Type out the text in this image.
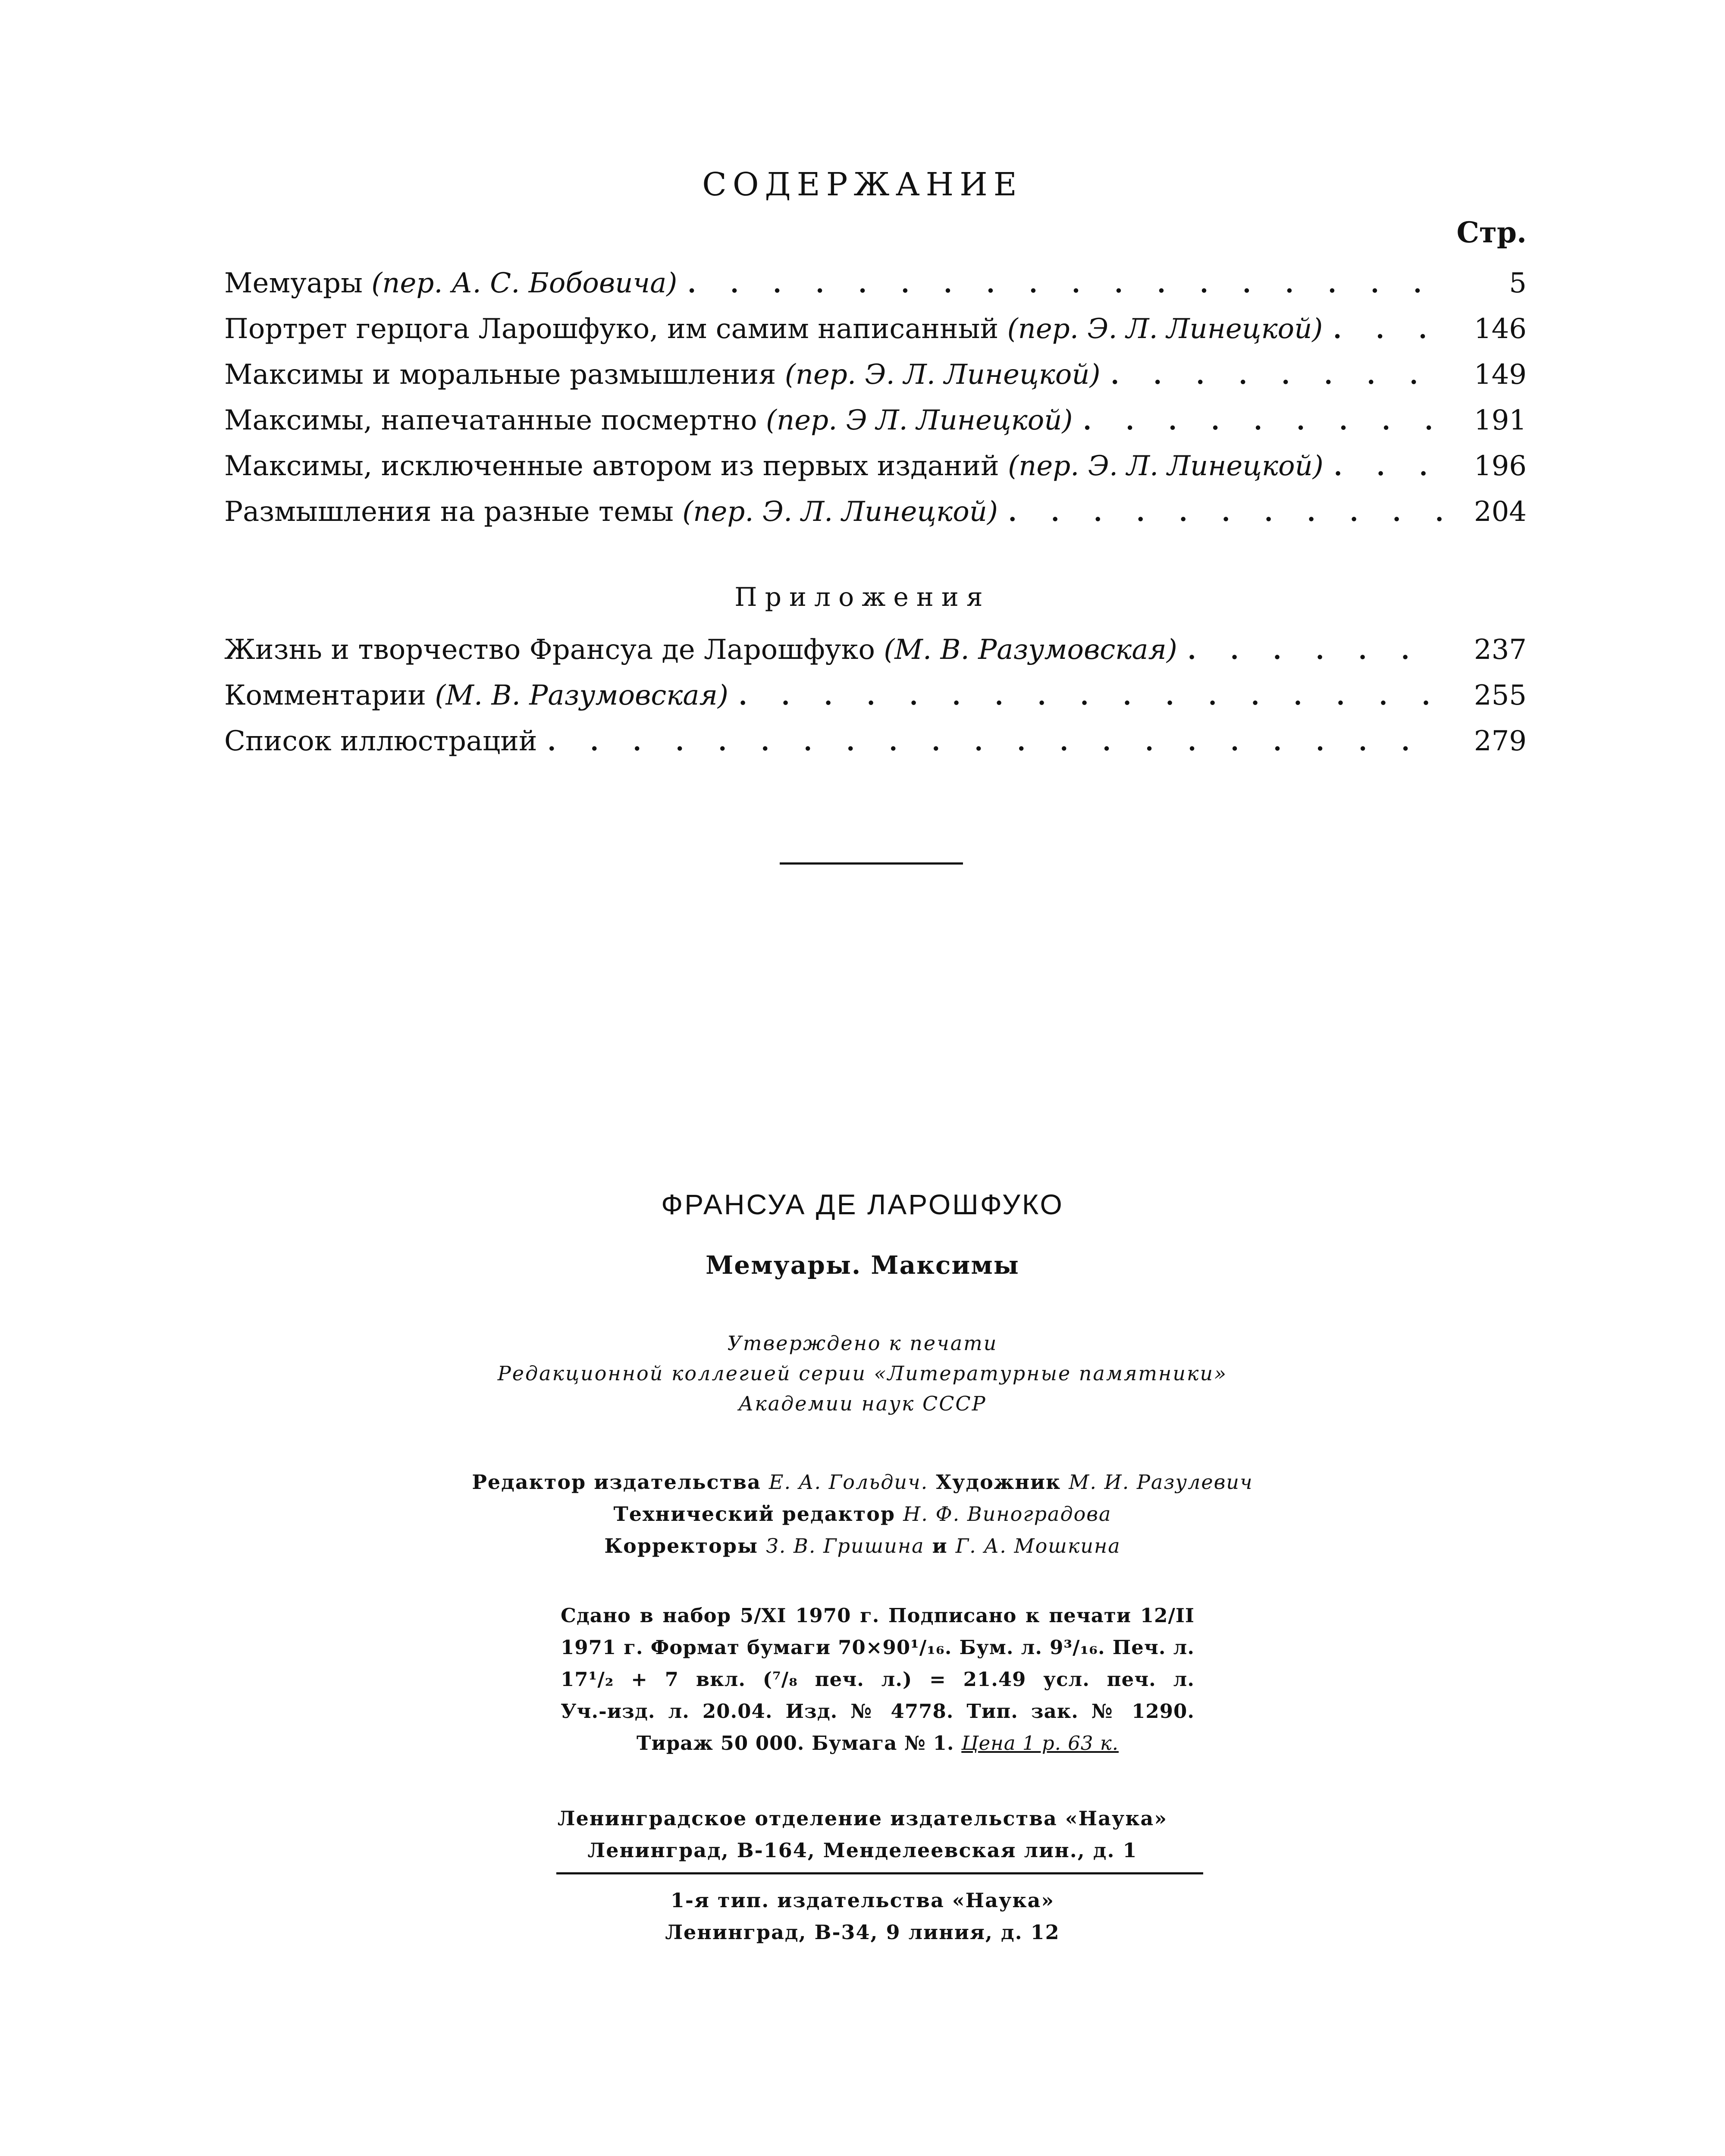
СОДЕРЖАНИЕ
Стр.
Мемуары (пер. А. С. Бобовича) . . .	5
Портрет герцога Ларошфуко, им самим написанный (пер. Э. Л. Линецкой) . . .	146
Максимы и моральные размышления (пер. Э. Л. Линецкой) . . .	149
Максимы, напечатанные посмертно (пер. Э Л. Линецкой) . . .	191
Максимы, исключенные автором из первых изданий (пер. Э. Л. Линецкой) . . .	196
Размышления на разные темы (пер. Э. Л. Линецкой) . . .	204
Приложения
Жизнь и творчество Франсуа де Ларошфуко (М. В. Разумовская) . . .	237
Комментарии (М. В. Разумовская) . . .	255
Список иллюстраций . . .	279
ФРАНСУА ДЕ ЛАРОШФУКО
Мемуары. Максимы
Утверждено к печати
Редакционной коллегией серии «Литературные памятники»
Академии наук СССР
Редактор издательства Е. А. Гольдич. Художник М. И. Разулевич
Технический редактор Н. Ф. Виноградова
Корректоры З. В. Гришина и Г. А. Мошкина
Сдано в набор 5/XI 1970 г. Подписано к печати 12/II
1971 г. Формат бумаги 70×90¹/₁₆. Бум. л. 9³/₁₆. Печ. л.
17¹/₂ + 7 вкл. (⁷/₈ печ. л.) = 21.49 усл. печ. л.
Уч.-изд. л. 20.04. Изд. № 4778. Тип. зак. № 1290.
Тираж 50 000. Бумага № 1. Цена 1 р. 63 к.
Ленинградское отделение издательства «Наука»
Ленинград, В-164, Менделеевская лин., д. 1
1-я тип. издательства «Наука»
Ленинград, В-34, 9 линия, д. 12
